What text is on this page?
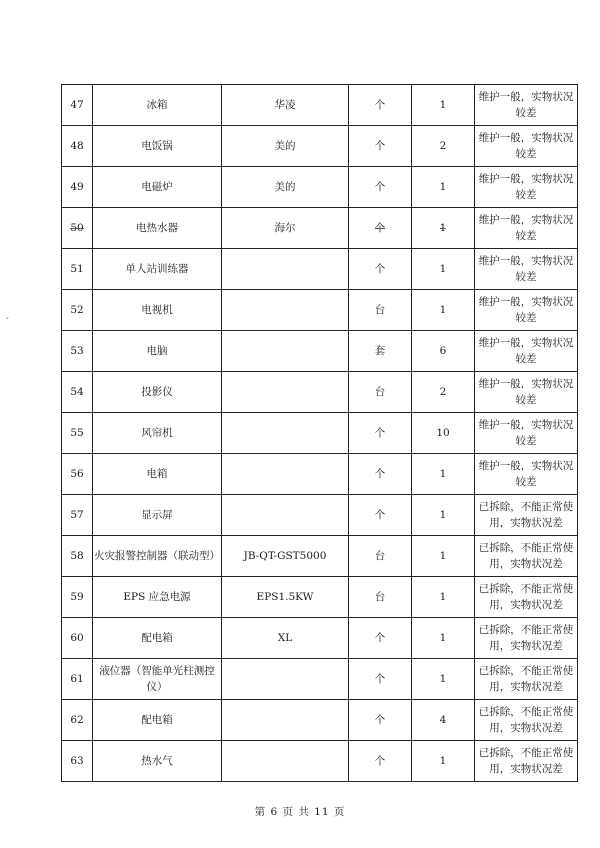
ˇ
47	冰箱	华凌	个	1	维护一般，实物状况较差
48	电饭锅	美的	个	2	维护一般，实物状况较差
49	电磁炉	美的	个	1	维护一般，实物状况较差
50	电热水器	海尔	个	1	维护一般，实物状况较差
51	单人站训练器		个	1	维护一般，实物状况较差
52	电视机		台	1	维护一般，实物状况较差
53	电脑		套	6	维护一般，实物状况较差
54	投影仪		台	2	维护一般，实物状况较差
55	风帘机		个	10	维护一般，实物状况较差
56	电箱		个	1	维护一般，实物状况较差
57	显示屏		个	1	已拆除，不能正常使用，实物状况差
58	火灾报警控制器（联动型）	JB-QT-GST5000	台	1	已拆除，不能正常使用，实物状况差
59	EPS 应急电源	EPS1.5KW	台	1	已拆除，不能正常使用，实物状况差
60	配电箱	XL	个	1	已拆除，不能正常使用，实物状况差
61	液位器（智能单光柱测控仪）		个	1	已拆除，不能正常使用，实物状况差
62	配电箱		个	4	已拆除，不能正常使用，实物状况差
63	热水气		个	1	已拆除，不能正常使用，实物状况差
第 6 页 共 11 页
